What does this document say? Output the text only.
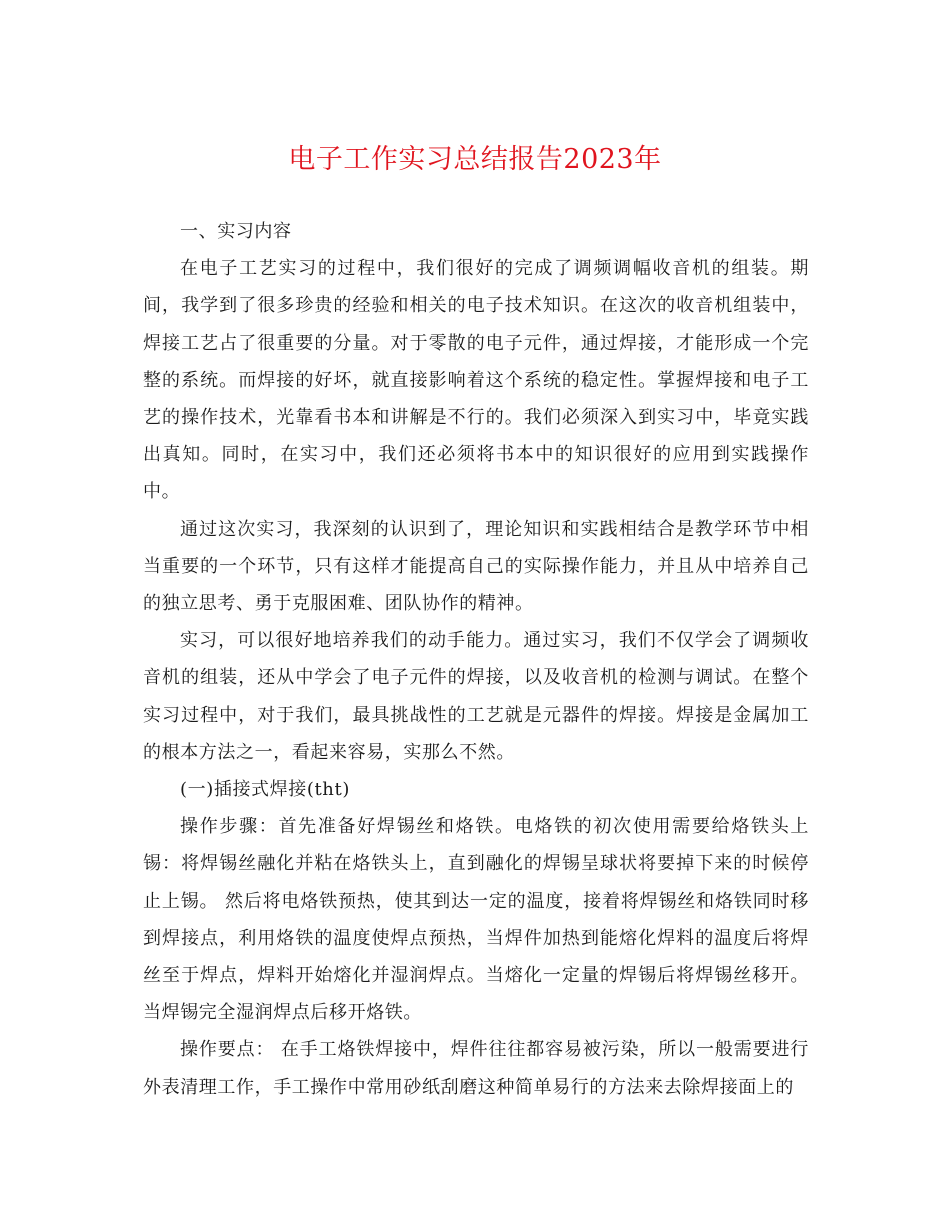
电子工作实习总结报告2023年

一、实习内容

在电子工艺实习的过程中，我们很好的完成了调频调幅收音机的组装。期间，我学到了很多珍贵的经验和相关的电子技术知识。在这次的收音机组装中，焊接工艺占了很重要的分量。对于零散的电子元件，通过焊接，才能形成一个完整的系统。而焊接的好坏，就直接影响着这个系统的稳定性。掌握焊接和电子工艺的操作技术，光靠看书本和讲解是不行的。我们必须深入到实习中，毕竟实践出真知。同时，在实习中，我们还必须将书本中的知识很好的应用到实践操作中。

通过这次实习，我深刻的认识到了，理论知识和实践相结合是教学环节中相当重要的一个环节，只有这样才能提高自己的实际操作能力，并且从中培养自己的独立思考、勇于克服困难、团队协作的精神。

实习，可以很好地培养我们的动手能力。通过实习，我们不仅学会了调频收音机的组装，还从中学会了电子元件的焊接，以及收音机的检测与调试。在整个实习过程中，对于我们，最具挑战性的工艺就是元器件的焊接。焊接是金属加工的根本方法之一，看起来容易，实那么不然。

(一)插接式焊接(tht)

操作步骤：首先准备好焊锡丝和烙铁。电烙铁的初次使用需要给烙铁头上锡：将焊锡丝融化并粘在烙铁头上，直到融化的焊锡呈球状将要掉下来的时候停止上锡。 然后将电烙铁预热，使其到达一定的温度，接着将焊锡丝和烙铁同时移到焊接点，利用烙铁的温度使焊点预热，当焊件加热到能熔化焊料的温度后将焊丝至于焊点，焊料开始熔化并湿润焊点。当熔化一定量的焊锡后将焊锡丝移开。当焊锡完全湿润焊点后移开烙铁。

操作要点： 在手工烙铁焊接中，焊件往往都容易被污染，所以一般需要进行外表清理工作，手工操作中常用砂纸刮磨这种简单易行的方法来去除焊接面上的
